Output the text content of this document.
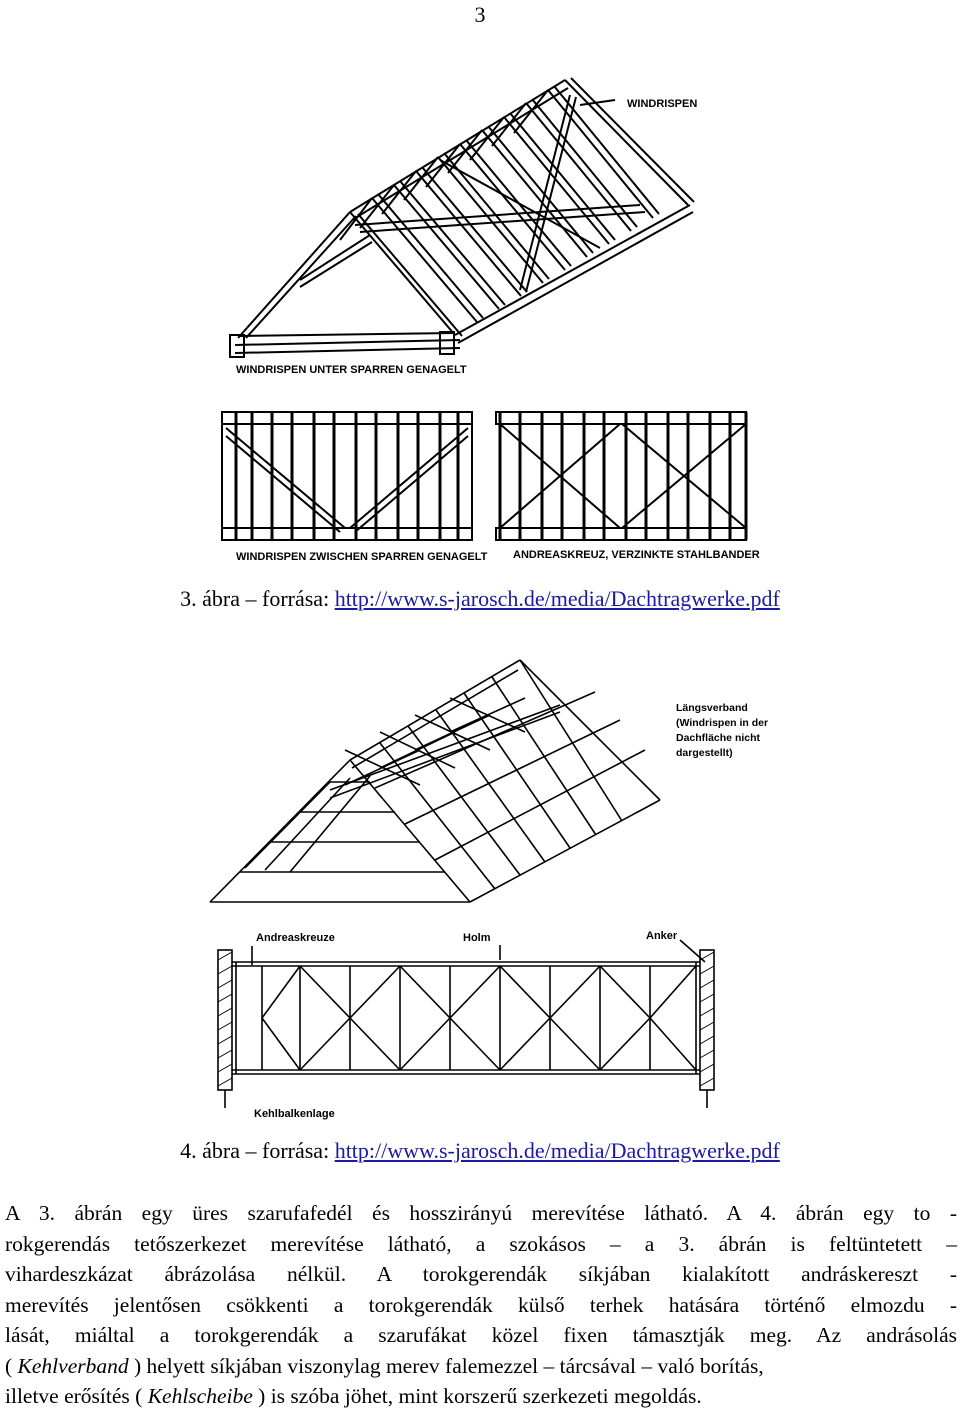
3
WINDRISPEN
WINDRISPEN UNTER SPARREN GENAGELT
WINDRISPEN ZWISCHEN SPARREN GENAGELT ANDREASKREUZ, VERZINKTE STAHLBANDER
3. ábra – forrása: http://www.s-jarosch.de/media/Dachtragwerke.pdf
Längsverband
(Windrispen in der
Dachfläche nicht
dargestellt)
Andreaskreuze	Holm	Anker
Kehlbalkenlage
4. ábra – forrása: http://www.s-jarosch.de/media/Dachtragwerke.pdf
A 3. ábrán egy üres szarufafedél és hosszirányú merevítése látható. A 4. ábrán egy to -
rokgerendás tetőszerkezet merevítése látható, a szokásos – a 3. ábrán is feltüntetett –
vihardeszkázat ábrázolása nélkül. A torokgerendák síkjában kialakított andráskereszt -
merevítés jelentősen csökkenti a torokgerendák külső terhek hatására történő elmozdu -
lását, miáltal a torokgerendák a szarufákat közel fixen támasztják meg. Az andrásolás
( Kehlverband ) helyett síkjában viszonylag merev falemezzel – tárcsával – való borítás,
illetve erősítés ( Kehlscheibe ) is szóba jöhet, mint korszerű szerkezeti megoldás.
